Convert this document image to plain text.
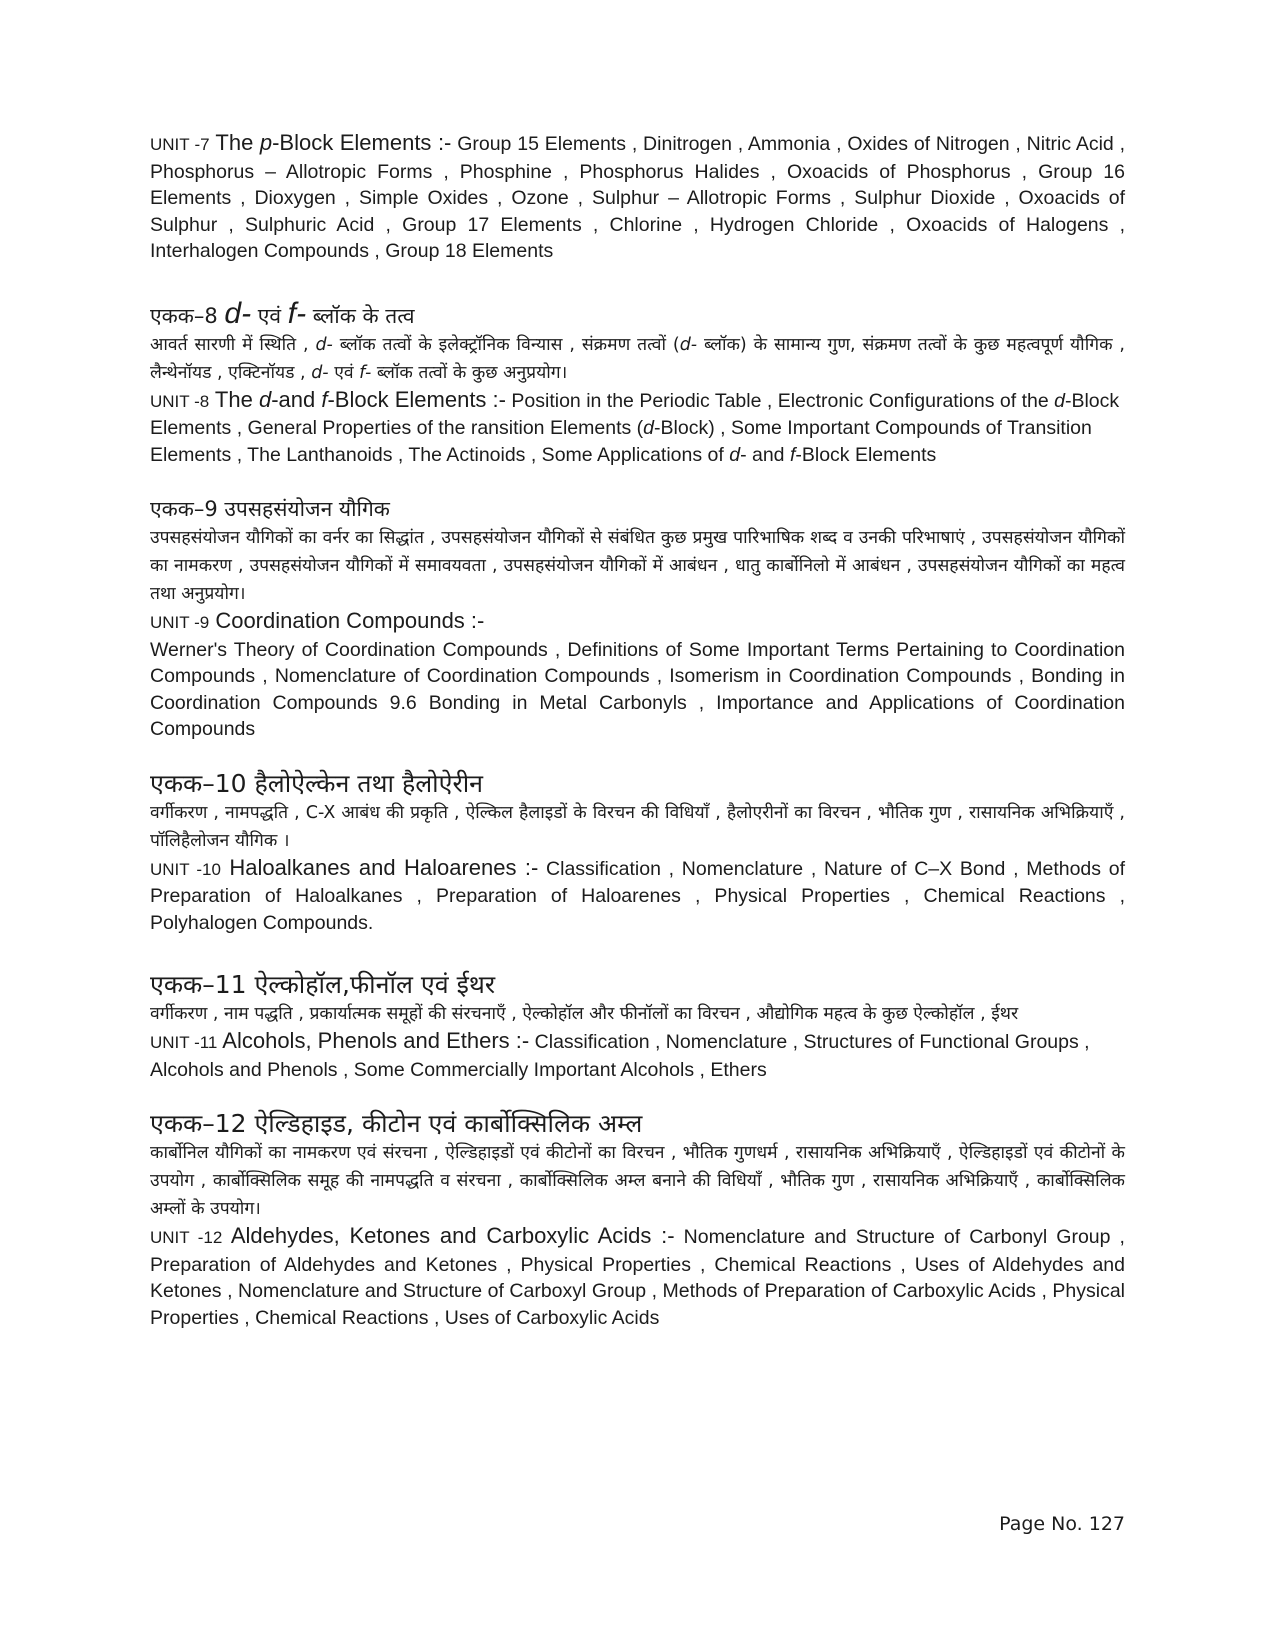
UNIT -7 The p-Block Elements :- Group 15 Elements , Dinitrogen , Ammonia , Oxides of Nitrogen , Nitric Acid , Phosphorus – Allotropic Forms , Phosphine , Phosphorus Halides , Oxoacids of Phosphorus , Group 16 Elements , Dioxygen , Simple Oxides , Ozone , Sulphur – Allotropic Forms , Sulphur Dioxide , Oxoacids of Sulphur , Sulphuric Acid , Group 17 Elements , Chlorine , Hydrogen Chloride , Oxoacids of Halogens , Interhalogen Compounds , Group 18 Elements

एकक–8 d- एवं f- ब्लॉक के तत्व

आवर्त सारणी में स्थिति , d- ब्लॉक तत्वों के इलेक्ट्रॉनिक विन्यास , संक्रमण तत्वों (d- ब्लॉक) के सामान्य गुण, संक्रमण तत्वों के कुछ महत्वपूर्ण यौगिक , लैन्थेनॉयड , एक्टिनॉयड , d- एवं f- ब्लॉक तत्वों के कुछ अनुप्रयोग।

UNIT -8 The d-and f-Block Elements :- Position in the Periodic Table , Electronic Configurations of the d-Block Elements , General Properties of the ransition Elements (d-Block) , Some Important Compounds of Transition Elements , The Lanthanoids , The Actinoids , Some Applications of d- and f-Block Elements

एकक–9 उपसहसंयोजन यौगिक

उपसहसंयोजन यौगिकों का वर्नर का सिद्धांत , उपसहसंयोजन यौगिकों से संबंधित कुछ प्रमुख पारिभाषिक शब्द व उनकी परिभाषाएं , उपसहसंयोजन यौगिकों का नामकरण , उपसहसंयोजन यौगिकों में समावयवता , उपसहसंयोजन यौगिकों में आबंधन , धातु कार्बोनिलो में आबंधन , उपसहसंयोजन यौगिकों का महत्व तथा अनुप्रयोग।

UNIT -9 Coordination Compounds :-

Werner's Theory of Coordination Compounds , Definitions of Some Important Terms Pertaining to Coordination Compounds , Nomenclature of Coordination Compounds , Isomerism in Coordination Compounds , Bonding in Coordination Compounds 9.6 Bonding in Metal Carbonyls , Importance and Applications of Coordination Compounds

एकक–10 हैलोऐल्केन तथा हैलोऐरीन

वर्गीकरण , नामपद्धति , C-X आबंध की प्रकृति , ऐल्किल हैलाइडों के विरचन की विधियाँ , हैलोएरीनों का विरचन , भौतिक गुण , रासायनिक अभिक्रियाएँ , पॉलिहैलोजन यौगिक ।

UNIT -10 Haloalkanes and Haloarenes :- Classification , Nomenclature , Nature of C–X Bond , Methods of Preparation of Haloalkanes , Preparation of Haloarenes , Physical Properties , Chemical Reactions , Polyhalogen Compounds.

एकक–11 ऐल्कोहॉल,फीनॉल एवं ईथर

वर्गीकरण , नाम पद्धति , प्रकार्यात्मक समूहों की संरचनाएँ , ऐल्कोहॉल और फीनॉलों का विरचन , औद्योगिक महत्व के कुछ ऐल्कोहॉल , ईथर

UNIT -11 Alcohols, Phenols and Ethers :- Classification , Nomenclature , Structures of Functional Groups , Alcohols and Phenols , Some Commercially Important Alcohols , Ethers

एकक–12 ऐल्डिहाइड, कीटोन एवं कार्बोक्सिलिक अम्ल

कार्बोनिल यौगिकों का नामकरण एवं संरचना , ऐल्डिहाइडों एवं कीटोनों का विरचन , भौतिक गुणधर्म , रासायनिक अभिक्रियाएँ , ऐल्डिहाइडों एवं कीटोनों के उपयोग , कार्बोक्सिलिक समूह की नामपद्धति व संरचना , कार्बोक्सिलिक अम्ल बनाने की विधियाँ , भौतिक गुण , रासायनिक अभिक्रियाएँ , कार्बोक्सिलिक अम्लों के उपयोग।

UNIT -12 Aldehydes, Ketones and Carboxylic Acids :- Nomenclature and Structure of Carbonyl Group , Preparation of Aldehydes and Ketones , Physical Properties , Chemical Reactions , Uses of Aldehydes and Ketones , Nomenclature and Structure of Carboxyl Group , Methods of Preparation of Carboxylic Acids , Physical Properties , Chemical Reactions , Uses of Carboxylic Acids

Page No. 127
